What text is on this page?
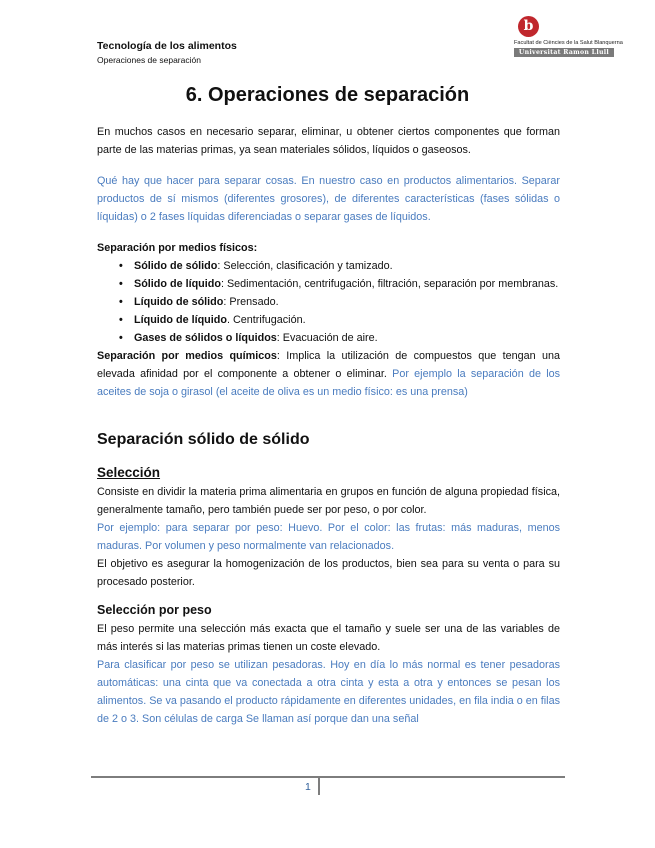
Tecnología de los alimentos
Operaciones de separación
b
Facultat de Ciències de la Salut Blanquerna
Universitat Ramon Llull
6. Operaciones de separación

En muchos casos en necesario separar, eliminar, u obtener ciertos componentes que forman parte de las materias primas, ya sean materiales sólidos, líquidos o gaseosos.

Qué hay que hacer para separar cosas. En nuestro caso en productos alimentarios. Separar productos de sí mismos (diferentes grosores), de diferentes características (fases sólidas o líquidas) o 2 fases líquidas diferenciadas o separar gases de líquidos.

Separación por medios físicos:

• Sólido de sólido: Selección, clasificación y tamizado.
• Sólido de líquido: Sedimentación, centrifugación, filtración, separación por membranas.
• Líquido de sólido: Prensado.
• Líquido de líquido. Centrifugación.
• Gases de sólidos o líquidos: Evacuación de aire.

Separación por medios químicos: Implica la utilización de compuestos que tengan una elevada afinidad por el componente a obtener o eliminar. Por ejemplo la separación de los aceites de soja o girasol (el aceite de oliva es un medio físico: es una prensa)

Separación sólido de sólido
Selección

Consiste en dividir la materia prima alimentaria en grupos en función de alguna propiedad física, generalmente tamaño, pero también puede ser por peso, o por color.

Por ejemplo: para separar por peso: Huevo. Por el color: las frutas: más maduras, menos maduras. Por volumen y peso normalmente van relacionados.

El objetivo es asegurar la homogenización de los productos, bien sea para su venta o para su procesado posterior.

Selección por peso

El peso permite una selección más exacta que el tamaño y suele ser una de las variables de más interés si las materias primas tienen un coste elevado.

Para clasificar por peso se utilizan pesadoras. Hoy en día lo más normal es tener pesadoras automáticas: una cinta que va conectada a otra cinta y esta a otra y entonces se pesan los alimentos. Se va pasando el producto rápidamente en diferentes unidades, en fila india o en filas de 2 o 3. Son células de carga Se llaman así porque dan una señal

1
